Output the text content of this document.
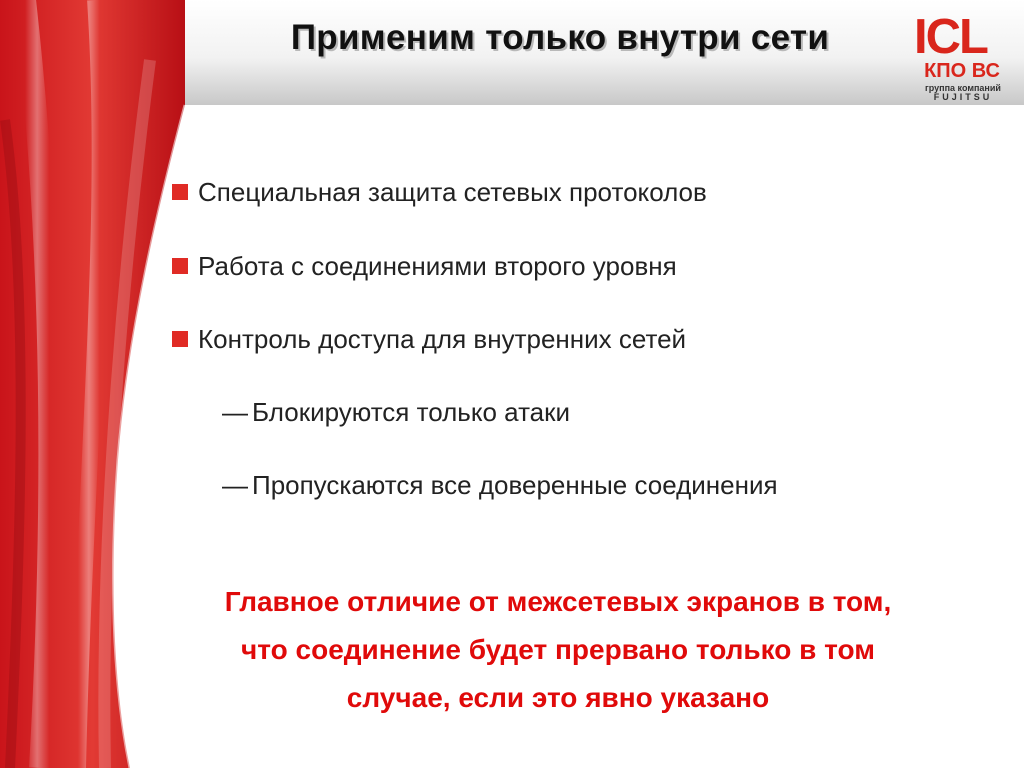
Применим только внутри сети	ICL
КПО ВС
группа компаний
FUJITSU
Специальная защита сетевых протоколов
Работа с соединениями второго уровня
Контроль доступа для внутренних сетей
— Блокируются только атаки
— Пропускаются все доверенные соединения
Главное отличие от межсетевых экранов в том,
что соединение будет прервано только в том
случае, если это явно указано
